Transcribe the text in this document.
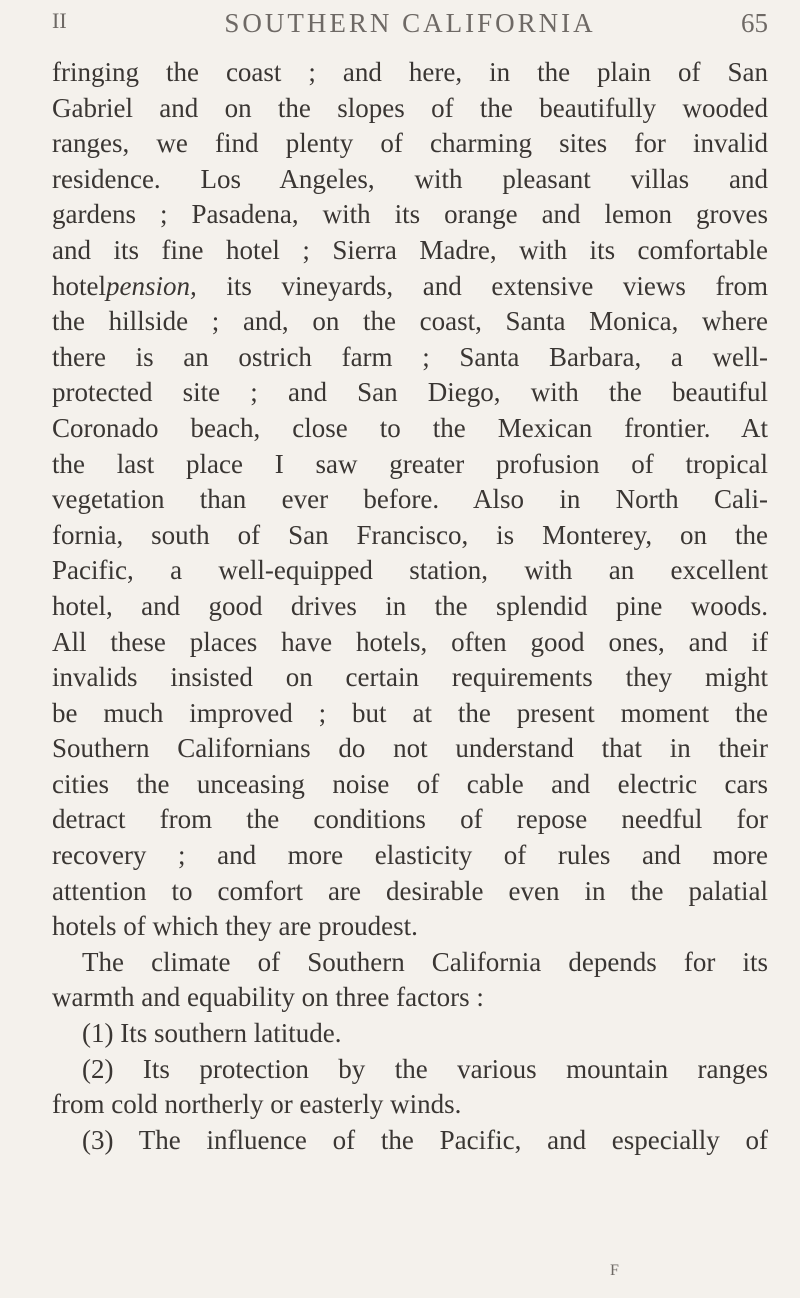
II	SOUTHERN CALIFORNIA	65
fringing the coast ; and here, in the plain of San
Gabriel and on the slopes of the beautifully wooded
ranges, we find plenty of charming sites for invalid
residence. Los Angeles, with pleasant villas and
gardens ; Pasadena, with its orange and lemon groves
and its fine hotel ; Sierra Madre, with its comfortable
hotelpension, its vineyards, and extensive views from
the hillside ; and, on the coast, Santa Monica, where
there is an ostrich farm ; Santa Barbara, a well-
protected site ; and San Diego, with the beautiful
Coronado beach, close to the Mexican frontier. At
the last place I saw greater profusion of tropical
vegetation than ever before. Also in North Cali-
fornia, south of San Francisco, is Monterey, on the
Pacific, a well-equipped station, with an excellent
hotel, and good drives in the splendid pine woods.
All these places have hotels, often good ones, and if
invalids insisted on certain requirements they might
be much improved ; but at the present moment the
Southern Californians do not understand that in their
cities the unceasing noise of cable and electric cars
detract from the conditions of repose needful for
recovery ; and more elasticity of rules and more
attention to comfort are desirable even in the palatial
hotels of which they are proudest.
The climate of Southern California depends for its
warmth and equability on three factors :
(1) Its southern latitude.
(2) Its protection by the various mountain ranges
from cold northerly or easterly winds.
(3) The influence of the Pacific, and especially of
F
